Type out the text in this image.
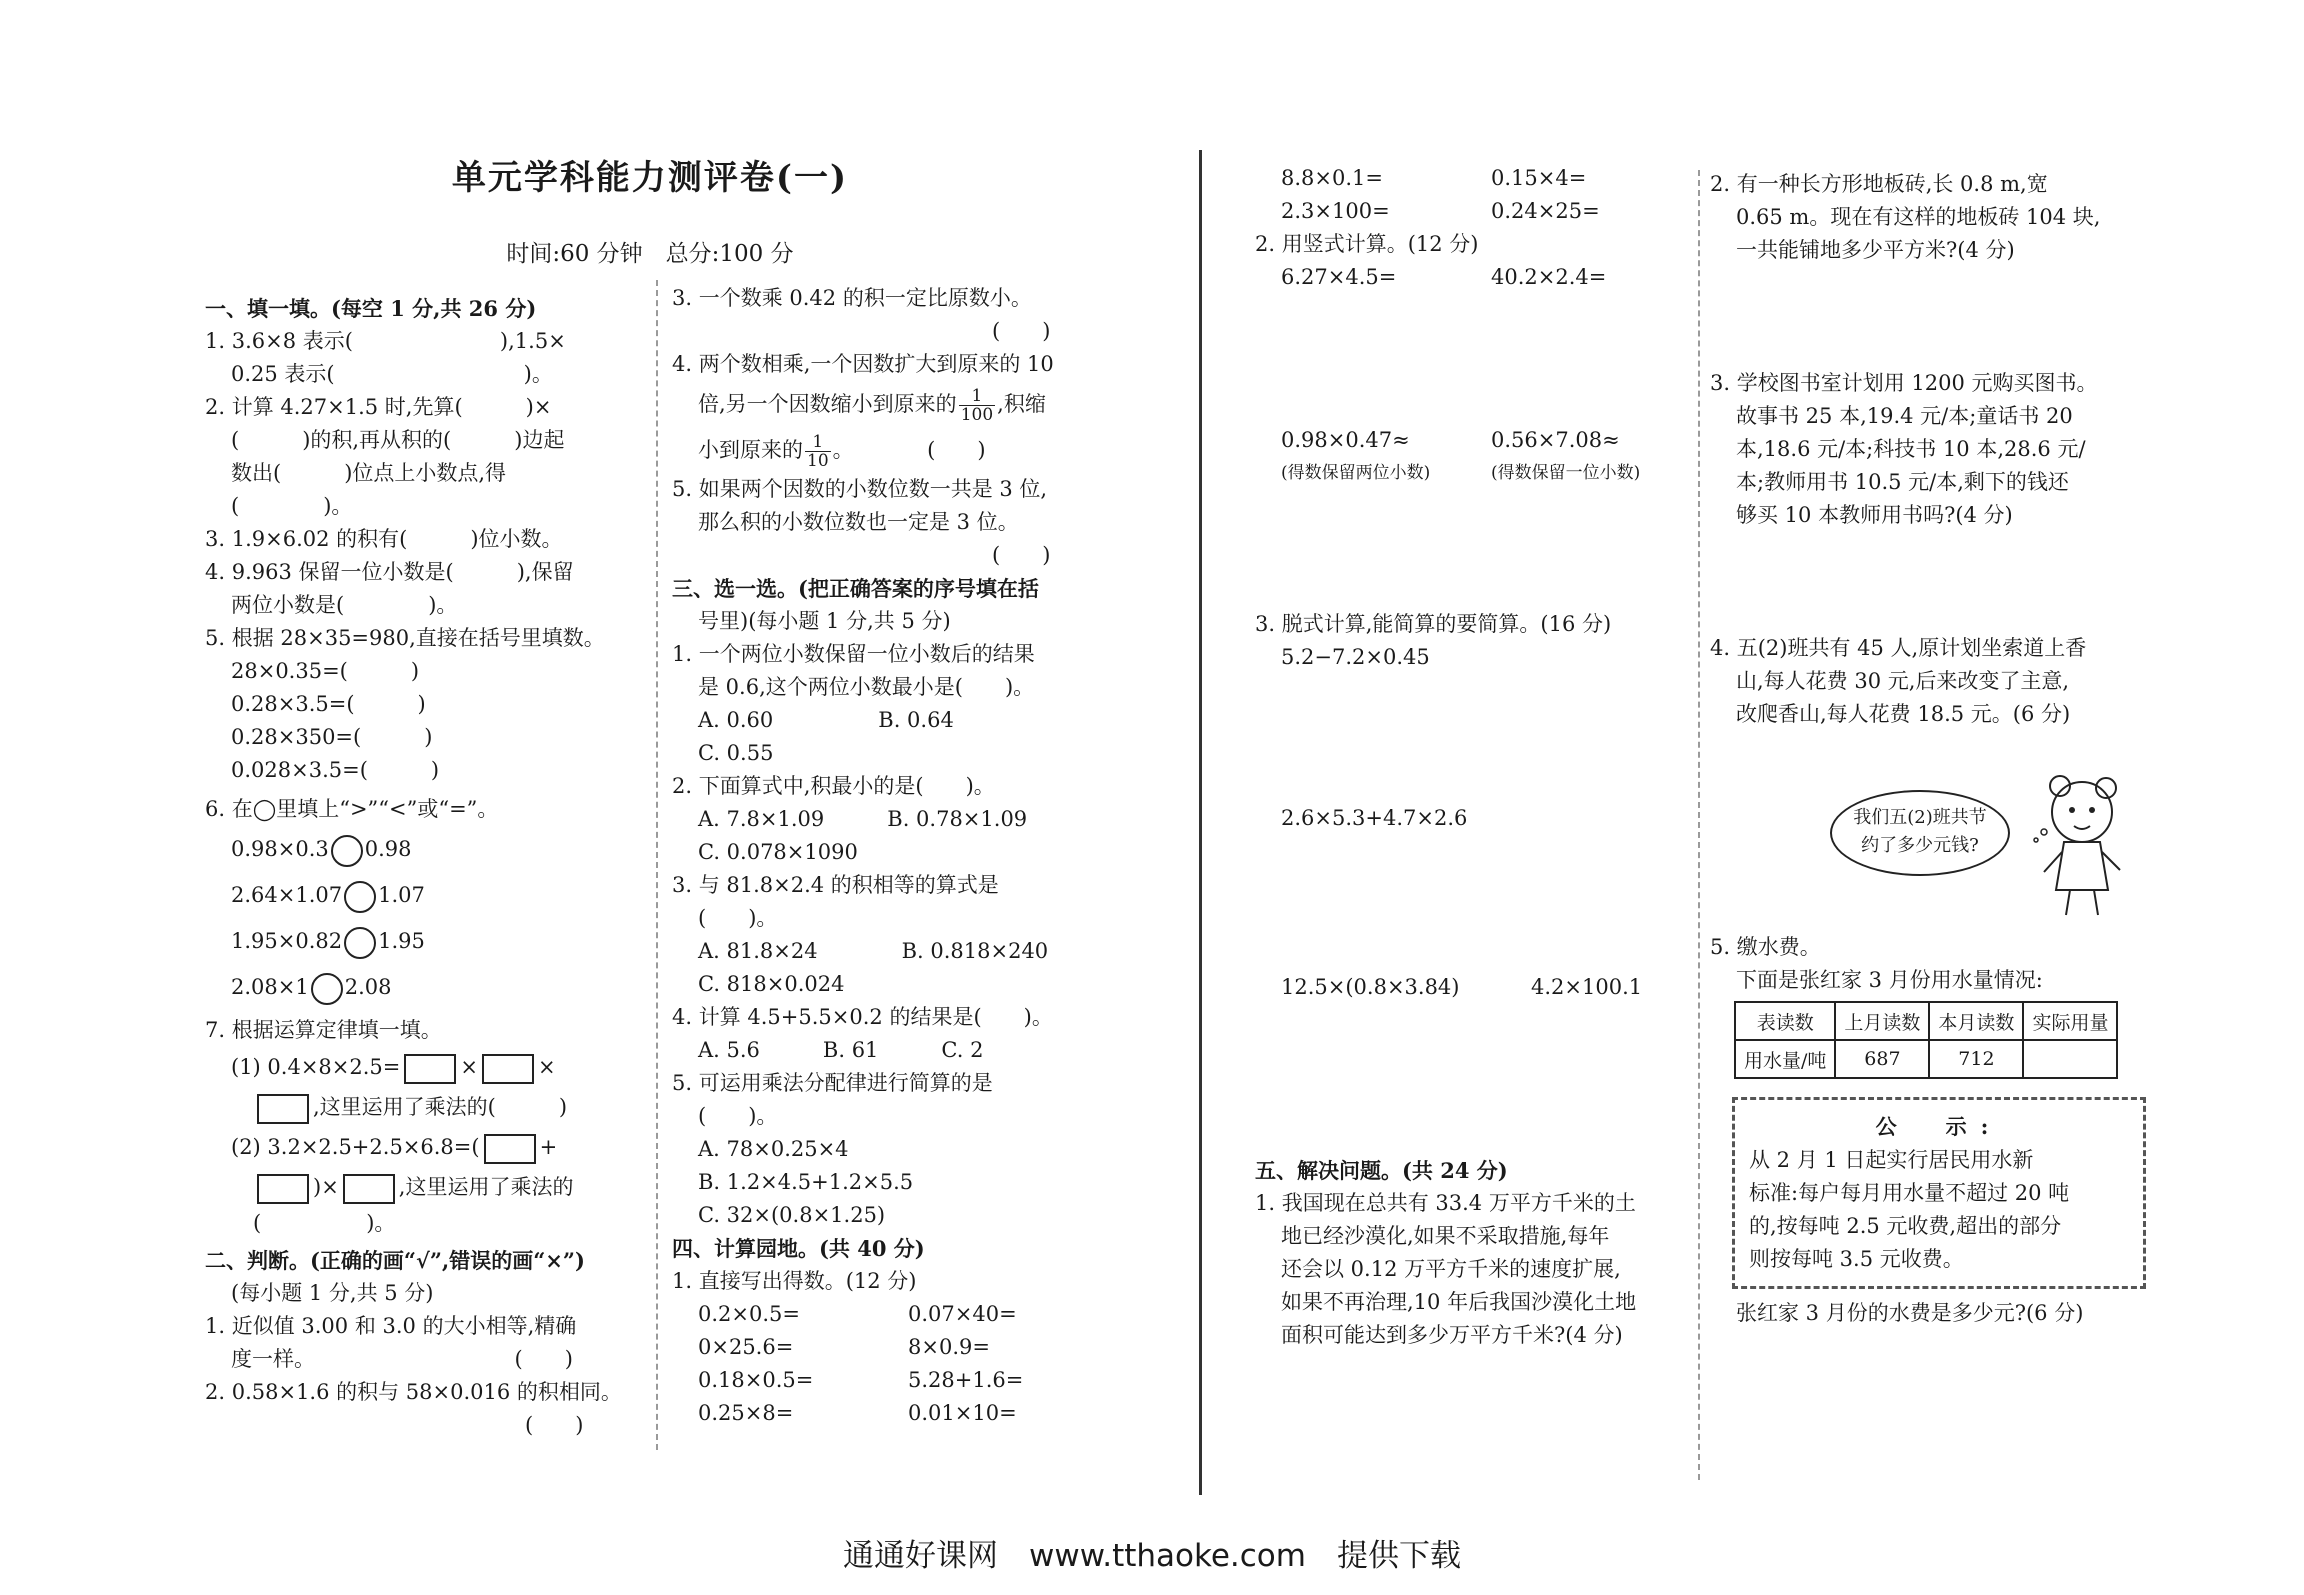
单元学科能力测评卷(一)
时间:60 分钟　总分:100 分
一、填一填。(每空 1 分,共 26 分)
1. 3.6×8 表示(　　　　　　　),1.5×
0.25 表示(　　　　　　　　　)。
2. 计算 4.27×1.5 时,先算(　　　)×
(　　　)的积,再从积的(　　　)边起
数出(　　　)位点上小数点,得
(　　　　)。
3. 1.9×6.02 的积有(　　　)位小数。
4. 9.963 保留一位小数是(　　　),保留
两位小数是(　　　　)。
5. 根据 28×35=980,直接在括号里填数。
28×0.35=(　　　)
0.28×3.5=(　　　)
0.28×350=(　　　)
0.028×3.5=(　　　)
6. 在◯里填上“>”“<”或“=”。
0.98×0.3 0.98
2.64×1.07 1.07
1.95×0.82 1.95
2.08×1 2.08
7. 根据运算定律填一填。
(1) 0.4×8×2.5=	×	×
,这里运用了乘法的(　　　)
(2) 3.2×2.5+2.5×6.8=(	+
)×	,这里运用了乘法的
(　　　　　)。
二、判断。(正确的画“√”,错误的画“×”)
(每小题 1 分,共 5 分)
1. 近似值 3.00 和 3.0 的大小相等,精确
度一样。　　　　　　　　　　(　　)
2. 0.58×1.6 的积与 58×0.016 的积相同。
　　　　　　　　　　　　　　(　　)
3. 一个数乘 0.42 的积一定比原数小。
　　　　　　　　　　　　　　(　　)
4. 两个数相乘,一个因数扩大到原来的 10
倍,另一个因数缩小到原来的 $\frac{1}{100}$ ,积缩
小到原来的 $\frac{1}{10}$ 。　　　　(　　)
5. 如果两个因数的小数位数一共是 3 位,
那么积的小数位数也一定是 3 位。
　　　　　　　　　　　　　　(　　)
三、选一选。(把正确答案的序号填在括
号里)(每小题 1 分,共 5 分)
1. 一个两位小数保留一位小数后的结果
是 0.6,这个两位小数最小是(　　)。
A. 0.60　　　　　B. 0.64
C. 0.55
2. 下面算式中,积最小的是(　　)。
A. 7.8×1.09　　　B. 0.78×1.09
C. 0.078×1090
3. 与 81.8×2.4 的积相等的算式是
(　　)。
A. 81.8×24　　　　B. 0.818×240
C. 818×0.024
4. 计算 4.5+5.5×0.2 的结果是(　　)。
A. 5.6　　　B. 61　　　C. 2
5. 可运用乘法分配律进行简算的是
(　　)。
A. 78×0.25×4
B. 1.2×4.5+1.2×5.5
C. 32×(0.8×1.25)
四、计算园地。(共 40 分)
1. 直接写出得数。(12 分)
0.2×0.5=	0.07×40=
0×25.6=	8×0.9=
0.18×0.5=	5.28+1.6=
0.25×8=	0.01×10=
8.8×0.1=	0.15×4=
2.3×100=	0.24×25=
2. 用竖式计算。(12 分)
6.27×4.5=	40.2×2.4=
0.98×0.47≈	0.56×7.08≈
(得数保留两位小数)	(得数保留一位小数)
3. 脱式计算,能简算的要简算。(16 分)
5.2−7.2×0.45
2.6×5.3+4.7×2.6
12.5×(0.8×3.84)	4.2×100.1
五、解决问题。(共 24 分)
1. 我国现在总共有 33.4 万平方千米的土
地已经沙漠化,如果不采取措施,每年
还会以 0.12 万平方千米的速度扩展,
如果不再治理,10 年后我国沙漠化土地
面积可能达到多少万平方千米?(4 分)
2. 有一种长方形地板砖,长 0.8 m,宽
0.65 m。现在有这样的地板砖 104 块,
一共能铺地多少平方米?(4 分)
3. 学校图书室计划用 1200 元购买图书。
故事书 25 本,19.4 元/本;童话书 20
本,18.6 元/本;科技书 10 本,28.6 元/
本;教师用书 10.5 元/本,剩下的钱还
够买 10 本教师用书吗?(4 分)
4. 五(2)班共有 45 人,原计划坐索道上香
山,每人花费 30 元,后来改变了主意,
改爬香山,每人花费 18.5 元。(6 分)
5. 缴水费。
下面是张红家 3 月份用水量情况:
表读数	上月读数	本月读数	实际用量
用水量/吨	687	712	
公　示:
从 2 月 1 日起实行居民用水新
标准:每户每月用水量不超过 20 吨
的,按每吨 2.5 元收费,超出的部分
则按每吨 3.5 元收费。
张红家 3 月份的水费是多少元?(6 分)
我们五(2)班共节
约了多少元钱?
通通好课网　www.tthaoke.com　提供下载
